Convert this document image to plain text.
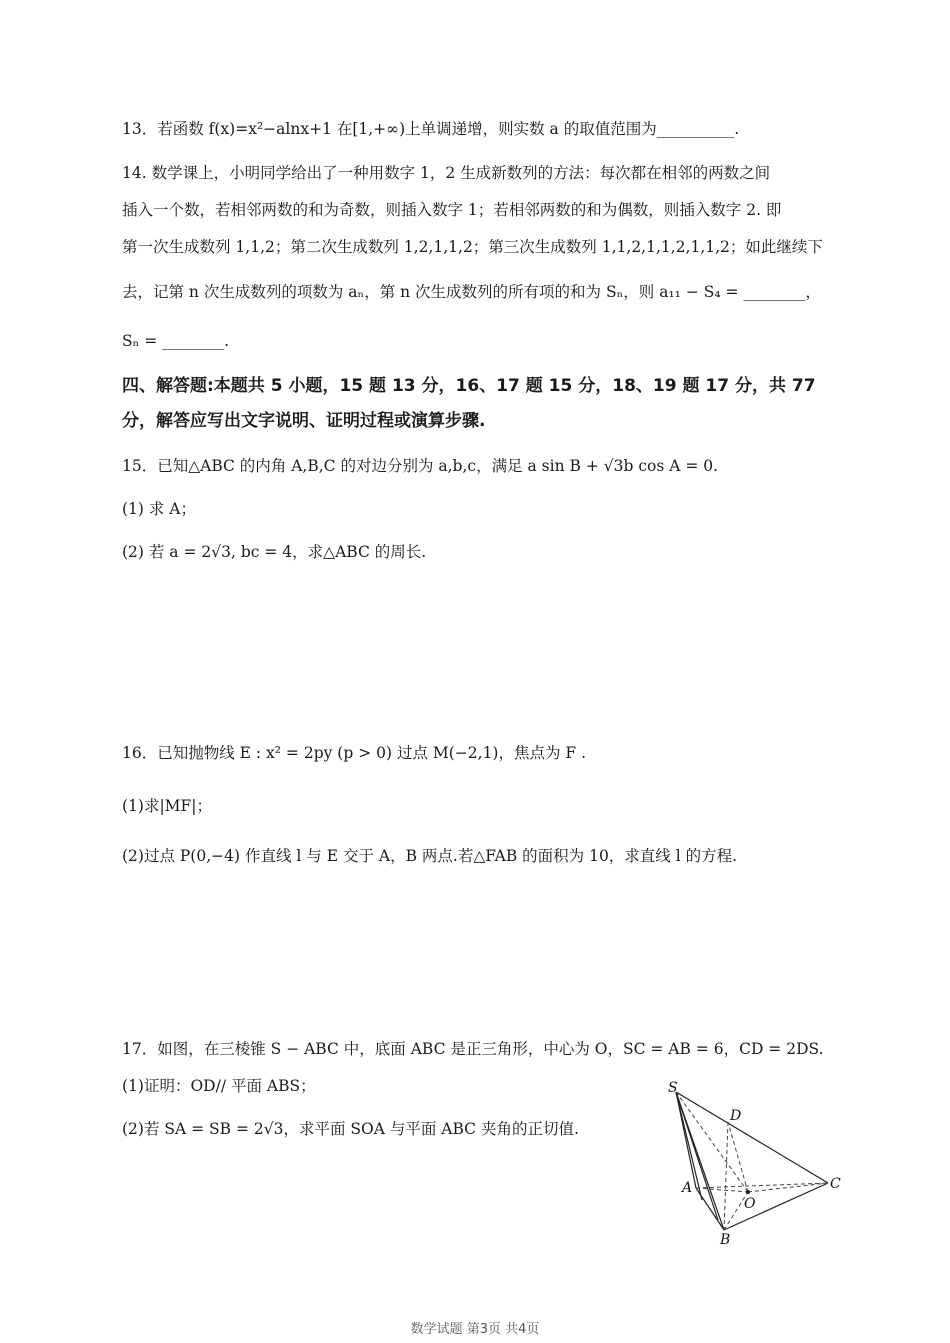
13．若函数 f(x)=x²−alnx+1 在[1,+∞)上单调递增，则实数 a 的取值范围为__________.
14. 数学课上，小明同学给出了一种用数字 1，2 生成新数列的方法：每次都在相邻的两数之间
插入一个数，若相邻两数的和为奇数，则插入数字 1；若相邻两数的和为偶数，则插入数字 2. 即
第一次生成数列 1,1,2；第二次生成数列 1,2,1,1,2；第三次生成数列 1,1,2,1,1,2,1,1,2；如此继续下
去，记第 n 次生成数列的项数为 aₙ，第 n 次生成数列的所有项的和为 Sₙ，则 a₁₁ − S₄ = ________，
Sₙ = ________.
四、解答题:本题共 5 小题，15 题 13 分，16、17 题 15 分，18、19 题 17 分，共 77
分，解答应写出文字说明、证明过程或演算步骤.
15．已知△ABC 的内角 A,B,C 的对边分别为 a,b,c，满足 a sin B + √3b cos A = 0.
(1) 求 A；
(2) 若 a = 2√3, bc = 4，求△ABC 的周长.
16．已知抛物线 E : x² = 2py (p > 0) 过点 M(−2,1)，焦点为 F .
(1)求|MF|；
(2)过点 P(0,−4) 作直线 l 与 E 交于 A，B 两点.若△FAB 的面积为 10，求直线 l 的方程.
17．如图，在三棱锥 S − ABC 中，底面 ABC 是正三角形，中心为 O，SC = AB = 6，CD = 2DS.
(1)证明：OD// 平面 ABS；
(2)若 SA = SB = 2√3，求平面 SOA 与平面 ABC 夹角的正切值.
S
D
A
O
C
B
数学试题 第3页 共4页
